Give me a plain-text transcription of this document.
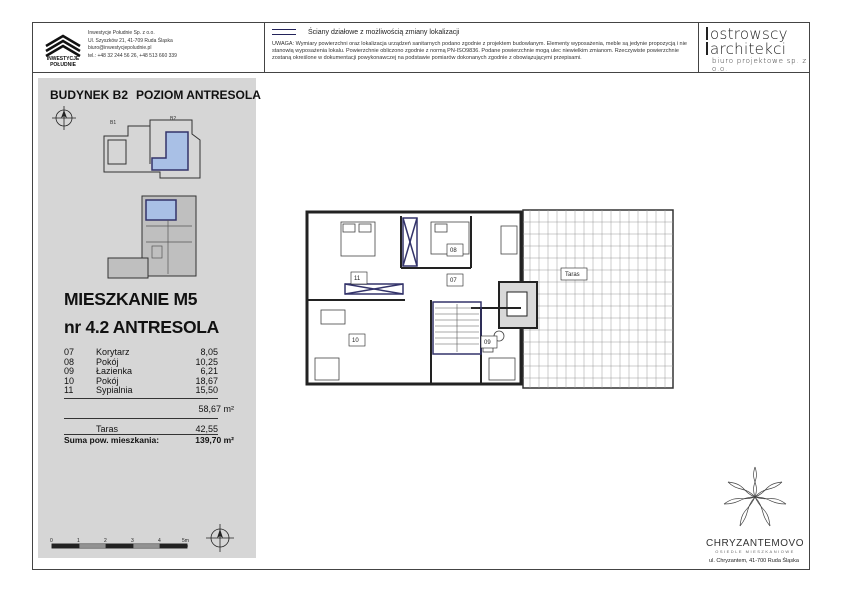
INWESTYCJE POŁUDNIE
Inwestycje Południe Sp. z o.o.
Ul. Szyszków 21, 41-709 Ruda Śląska
biuro@inwestycjepoludnie.pl
tel.: +48 32 244 56 26, +48 513 660 339
Ściany działowe z możliwością zmiany lokalizacji
UWAGA: Wymiary powierzchni oraz lokalizacja urządzeń sanitarnych podano zgodnie z projektem budowlanym. Elementy wyposażenia, meble są jedynie propozycją i nie stanowią wyposażenia lokalu. Powierzchnie obliczono zgodnie z normą PN-ISO9836. Podane powierzchnie mogą ulec niewielkim zmianom. Rzeczywiste powierzchnie zostaną określone w dokumentacji powykonawczej na podstawie pomiarów dokonanych zgodnie z obowiązującymi przepisami.
ostrowscy
architekci
biuro projektowe sp. z o.o.
BUDYNEK B2 POZIOM ANTRESOLA
B1
B2
MIESZKANIE M5
nr 4.2 ANTRESOLA
07 Korytarz	8,05
08 Pokój	10,25
09 Łazienka	6,21
10 Pokój	18,67
11	Sypialnia	15,50
58,67 m²
Taras	42,55
Suma pow. mieszkania:	139,70 m²
0	1	2	3	4	5m
11
08
07
10	09
Taras
CHRYZANTEMOVO
OSIEDLE MIESZKANIOWE
ul. Chryzantem, 41-700 Ruda Śląska
